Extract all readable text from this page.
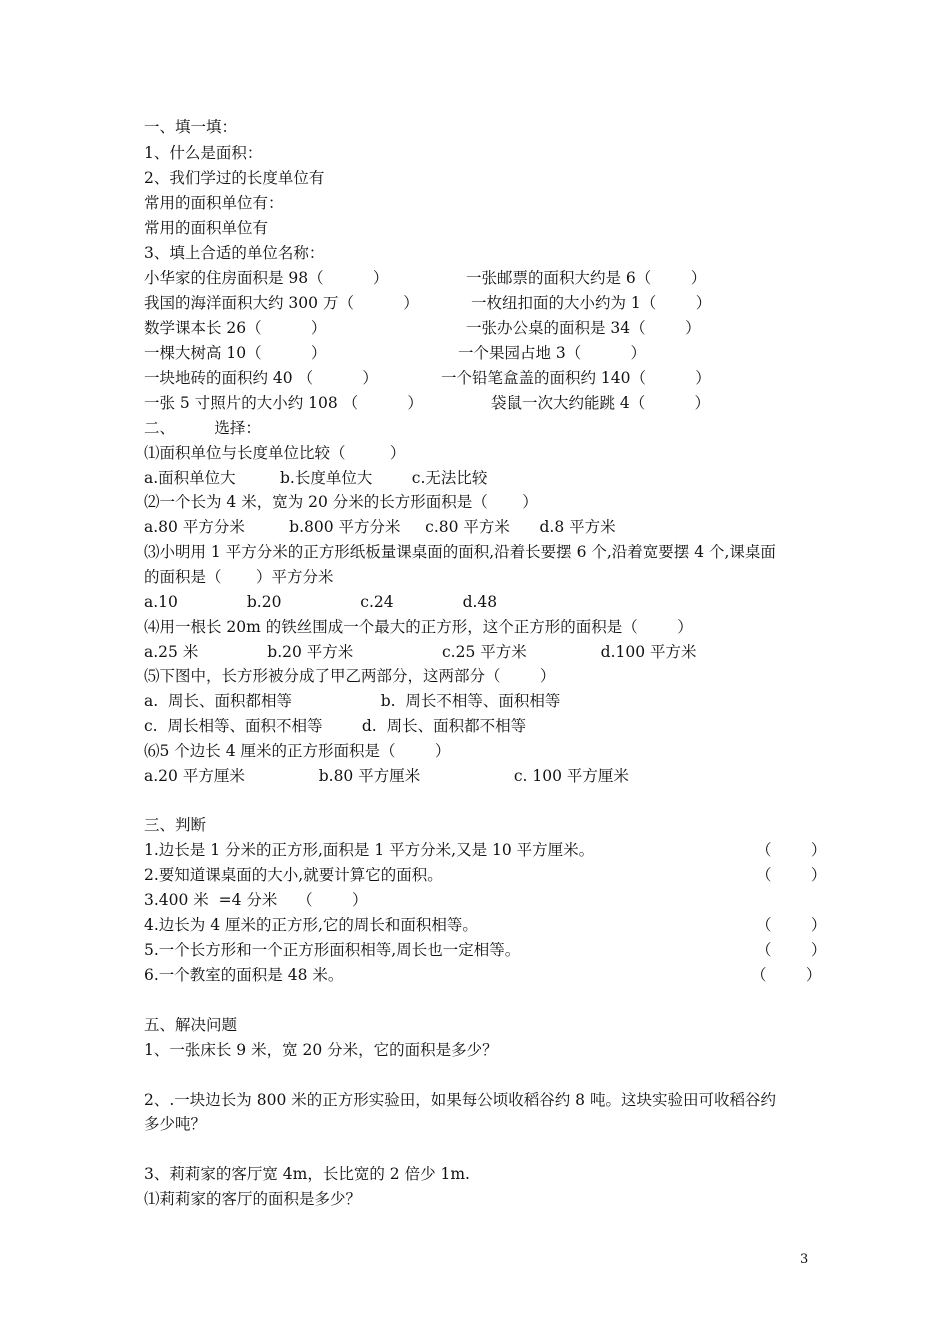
一、填一填：
1、什么是面积：
2、我们学过的长度单位有
常用的面积单位有：
常用的面积单位有
3、填上合适的单位名称：
小华家的住房面积是 98（          ）	一张邮票的面积大约是 6（        ）
我国的海洋面积大约 300 万（          ）	一枚纽扣面的大小约为 1（        ）
数学课本长 26（          ）	一张办公桌的面积是 34（        ）
一棵大树高 10（          ）	一个果园占地 3（          ）
一块地砖的面积约 40 （          ）	一个铅笔盒盖的面积约 140（          ）
一张 5 寸照片的大小约 108 （          ）	袋鼠一次大约能跳 4（          ）
二、        选择：
⑴面积单位与长度单位比较（         ）
a.面积单位大         b.长度单位大        c.无法比较
⑵一个长为 4 米，宽为 20 分米的长方形面积是（       ）
a.80 平方分米         b.800 平方分米     c.80 平方米      d.8 平方米
⑶小明用 1 平方分米的正方形纸板量课桌面的面积,沿着长要摆 6 个,沿着宽要摆 4 个,课桌面
的面积是（       ）平方分米
a.10              b.20                c.24              d.48
⑷用一根长 20m 的铁丝围成一个最大的正方形，这个正方形的面积是（        ）
a.25 米              b.20 平方米                  c.25 平方米               d.100 平方米
⑸下图中，长方形被分成了甲乙两部分，这两部分（        ）
a.  周长、面积都相等                  b.  周长不相等、面积相等
c.  周长相等、面积不相等        d.  周长、面积都不相等
⑹5 个边长 4 厘米的正方形面积是（        ）
a.20 平方厘米               b.80 平方厘米                   c. 100 平方厘米
三、判断
1.边长是 1 分米的正方形,面积是 1 平方分米,又是 10 平方厘米。	（        ）
2.要知道课桌面的大小,就要计算它的面积。	（        ）
3.400 米  =4 分米    （        ）
4.边长为 4 厘米的正方形,它的周长和面积相等。	（        ）
5.一个长方形和一个正方形面积相等,周长也一定相等。	（        ）
6.一个教室的面积是 48 米。	（        ）
五、解决问题
1、一张床长 9 米，宽 20 分米，它的面积是多少？
2、.一块边长为 800 米的正方形实验田，如果每公顷收稻谷约 8 吨。这块实验田可收稻谷约
多少吨？
3、莉莉家的客厅宽 4m，长比宽的 2 倍少 1m.
⑴莉莉家的客厅的面积是多少？
3
